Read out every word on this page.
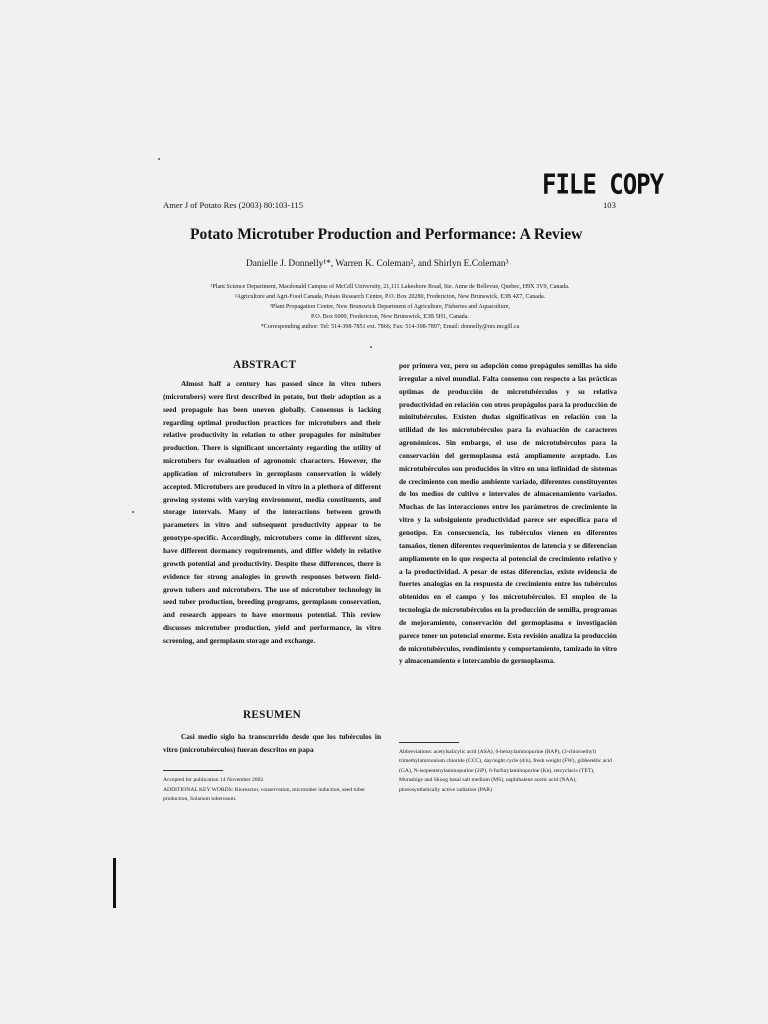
FILE COPY
Amer J of Potato Res (2003) 80:103-115	103
Potato Microtuber Production and Performance: A Review
Danielle J. Donnelly¹*, Warren K. Coleman², and Shirlyn E.Coleman³
¹Plant Science Department, Macdonald Campus of McGill University, 21,111 Lakeshore Road, Ste. Anne de Bellevue, Quebec, H9X 3V9, Canada.
²Agriculture and Agri-Food Canada, Potato Research Centre, P.O. Box 20280, Fredericton, New Brunswick, E3B 4Z7, Canada.
³Plant Propagation Centre, New Brunswick Department of Agriculture, Fisheries and Aquaculture,
P.O. Box 6000, Fredericton, New Brunswick, E3B 5H1, Canada.
*Corresponding author: Tel: 514-398-7851 ext. 7866; Fax: 514-398-7897; Email: donnelly@nrs.mcgill.ca
ABSTRACT

Almost half a century has passed since in vitro tubers (microtubers) were first described in potato, but their adoption as a seed propagule has been uneven globally. Consensus is lacking regarding optimal production practices for microtubers and their relative productivity in relation to other propagules for minituber production. There is significant uncertainty regarding the utility of microtubers for evaluation of agronomic characters. However, the application of microtubers in germplasm conservation is widely accepted. Microtubers are produced in vitro in a plethora of different growing systems with varying environment, media constituents, and storage intervals. Many of the interactions between growth parameters in vitro and subsequent productivity appear to be genotype-specific. Accordingly, microtubers come in different sizes, have different dormancy requirements, and differ widely in relative growth potential and productivity. Despite these differences, there is evidence for strong analogies in growth responses between field-grown tubers and microtubers. The use of microtuber technology in seed tuber production, breeding programs, germplasm conservation, and research appears to have enormous potential. This review discusses microtuber production, yield and performance, in vitro screening, and germplasm storage and exchange.

RESUMEN

Casi medio siglo ha transcurrido desde que los tubérculos in vitro (microtubérculos) fueran descritos en papa

por primera vez, pero su adopción como propágulos semillas ha sido irregular a nivel mundial. Falta consenso con respecto a las prácticas optimas de producción de microtubérculos y su relativa productividad en relación con otros propágulos para la producción de minitubérculos. Existen dudas significativas en relación con la utilidad de los microtubérculos para la evaluación de caracteres agronómicos. Sin embargo, el uso de microtubérculos para la conservación del germoplasma está ampliamente aceptado. Los microtubérculos son producidos in vitro en una infinidad de sistemas de crecimiento con medio ambiente variado, diferentes constituyentes de los medios de cultivo e intervalos de almacenamiento variados. Muchas de las interacciones entre los parámetros de crecimiento in vitro y la subsiguiente productividad parece ser específica para el genotipo. En consecuencia, los tubérculos vienen en diferentes tamaños, tienen diferentes requerimientos de latencia y se diferencian ampliamente en lo que respecta al potencial de crecimiento relativo y a la productividad. A pesar de estas diferencias, existe evidencia de fuertes analogías en la respuesta de crecimiento entre los tubérculos obtenidos en el campo y los microtubérculos. El empleo de la tecnología de microtubérculos en la producción de semilla, programas de mejoramiento, conservación del germoplasma e investigación parece tener un potencial enorme. Esta revisión analiza la producción de microtubérculos, rendimiento y comportamiento, tamizado in vitro y almacenamiento e intercambio de germoplasma.

Accepted for publication 14 November 2002.
ADDITIONAL KEY WORDS: Bioreactor, conservation, microtuber induction, seed tuber production, Solanum tuberosum.
Abbreviations: acetylsalicylic acid (ASA), 6-benzylaminopurine (BAP), (2-chloroethyl) trimethylammonium chloride (CCC), day/night cycle (d/n), fresh weight (FW), gibberellic acid (GA), N-isopentenylaminopurine (2iP), 6-furfurylaminopurine (Kn), tetcyclacis (TET), Murashige and Skoog basal salt medium (MS), naphthalene acetic acid (NAA), photosynthetically active radiation (PAR)
